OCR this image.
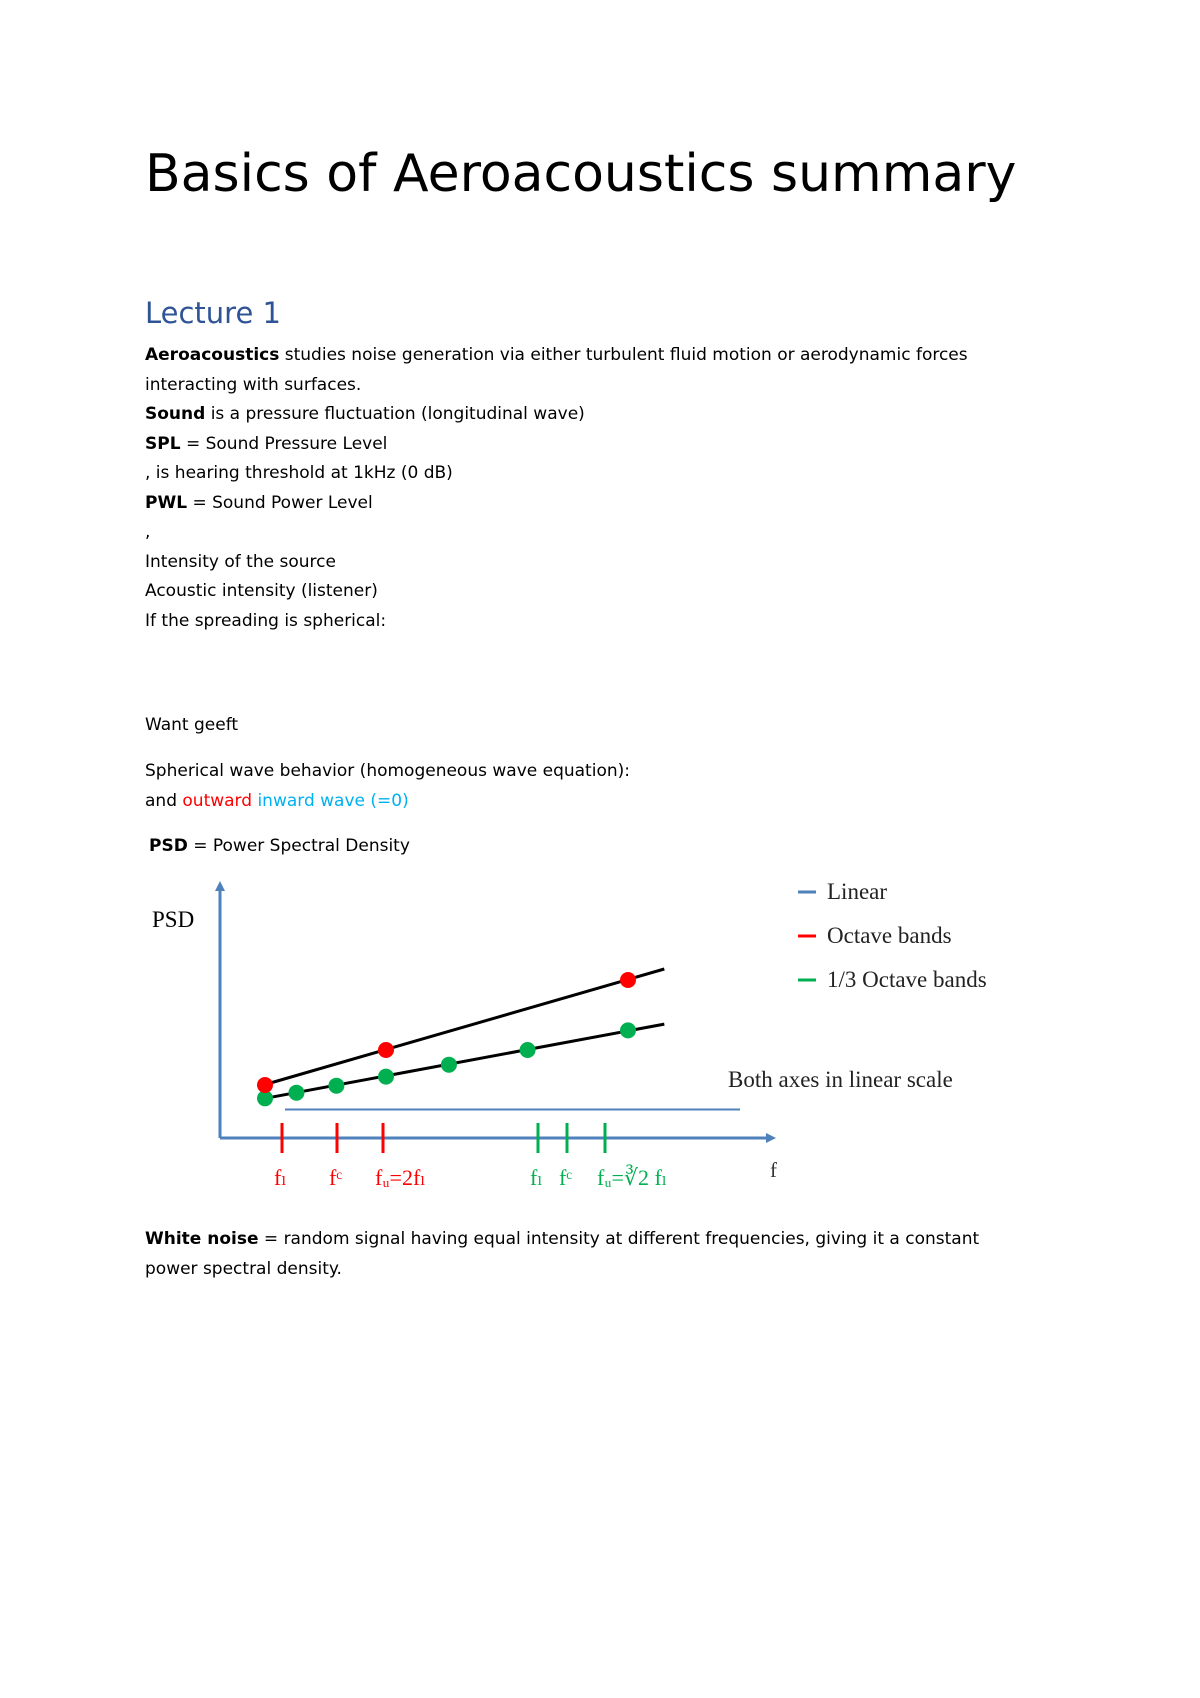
Basics of Aeroacoustics summary
Lecture 1

Aeroacoustics studies noise generation via either turbulent fluid motion or aerodynamic forces

interacting with surfaces.

Sound is a pressure fluctuation (longitudinal wave)

SPL = Sound Pressure Level

, is hearing threshold at 1kHz (0 dB)

PWL = Sound Power Level

,

Intensity of the source

Acoustic intensity (listener)

If the spreading is spherical:

Want geeft

Spherical wave behavior (homogeneous wave equation):

and outward inward wave (=0)

PSD = Power Spectral Density

fₗ fᶜ fᵤ=2fₗ	fₗ fᶜ fᵤ=∛2 fₗ
Linear
Octave bands
1/3 Octave bands
PSD
f
Both axes in linear scale

White noise = random signal having equal intensity at different frequencies, giving it a constant

power spectral density.
